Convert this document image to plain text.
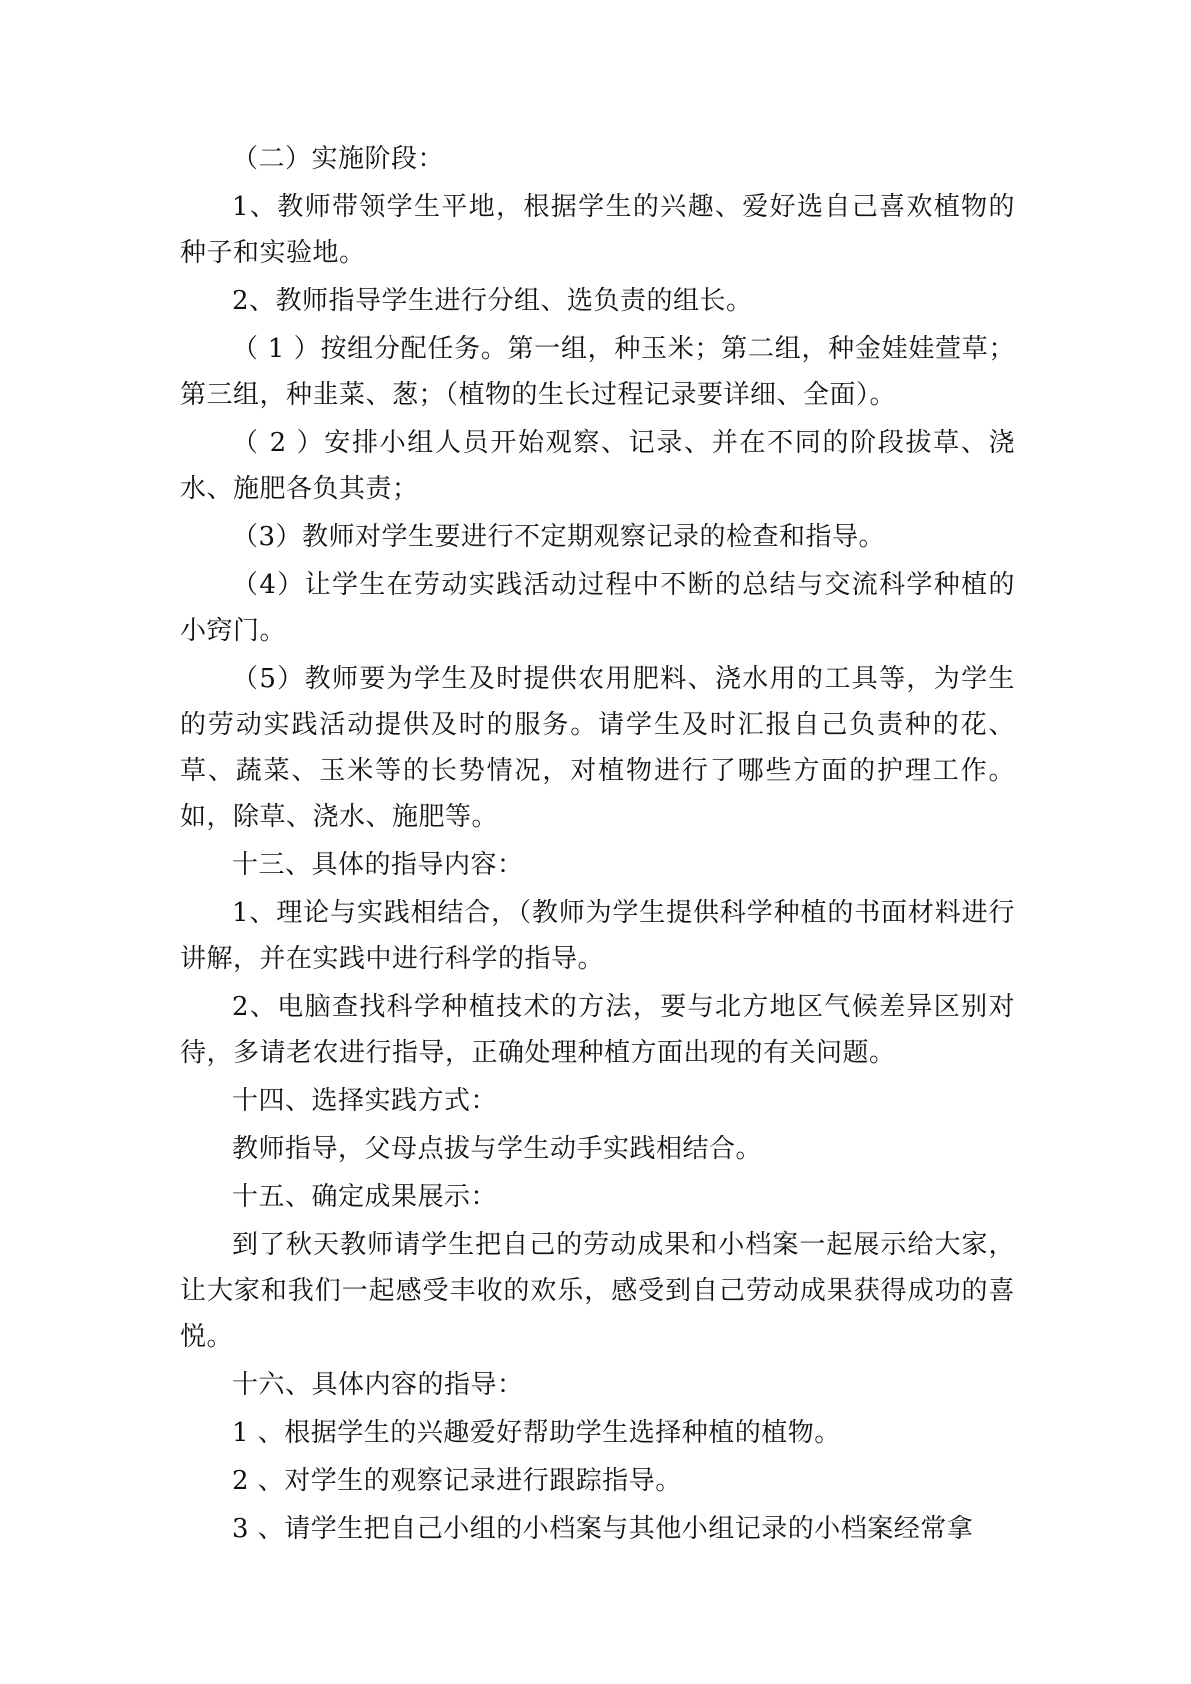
（二）实施阶段：

1、教师带领学生平地，根据学生的兴趣、爱好选自己喜欢植物的种子和实验地。

2、教师指导学生进行分组、选负责的组长。

（ 1 ）按组分配任务。第一组，种玉米；第二组，种金娃娃萱草；第三组，种韭菜、葱；（植物的生长过程记录要详细、全面）。

（ 2 ）安排小组人员开始观察、记录、并在不同的阶段拔草、浇水、施肥各负其责；

（3）教师对学生要进行不定期观察记录的检查和指导。

（4）让学生在劳动实践活动过程中不断的总结与交流科学种植的小窍门。

（5）教师要为学生及时提供农用肥料、浇水用的工具等，为学生的劳动实践活动提供及时的服务。请学生及时汇报自己负责种的花、草、蔬菜、玉米等的长势情况，对植物进行了哪些方面的护理工作。如，除草、浇水、施肥等。

十三、具体的指导内容：

1、理论与实践相结合，（教师为学生提供科学种植的书面材料进行讲解，并在实践中进行科学的指导。

2、电脑查找科学种植技术的方法，要与北方地区气候差异区别对待，多请老农进行指导，正确处理种植方面出现的有关问题。

十四、选择实践方式：

教师指导，父母点拔与学生动手实践相结合。

十五、确定成果展示：

到了秋天教师请学生把自己的劳动成果和小档案一起展示给大家，让大家和我们一起感受丰收的欢乐，感受到自己劳动成果获得成功的喜悦。

十六、具体内容的指导：

1 、根据学生的兴趣爱好帮助学生选择种植的植物。

2 、对学生的观察记录进行跟踪指导。

3 、请学生把自己小组的小档案与其他小组记录的小档案经常拿
